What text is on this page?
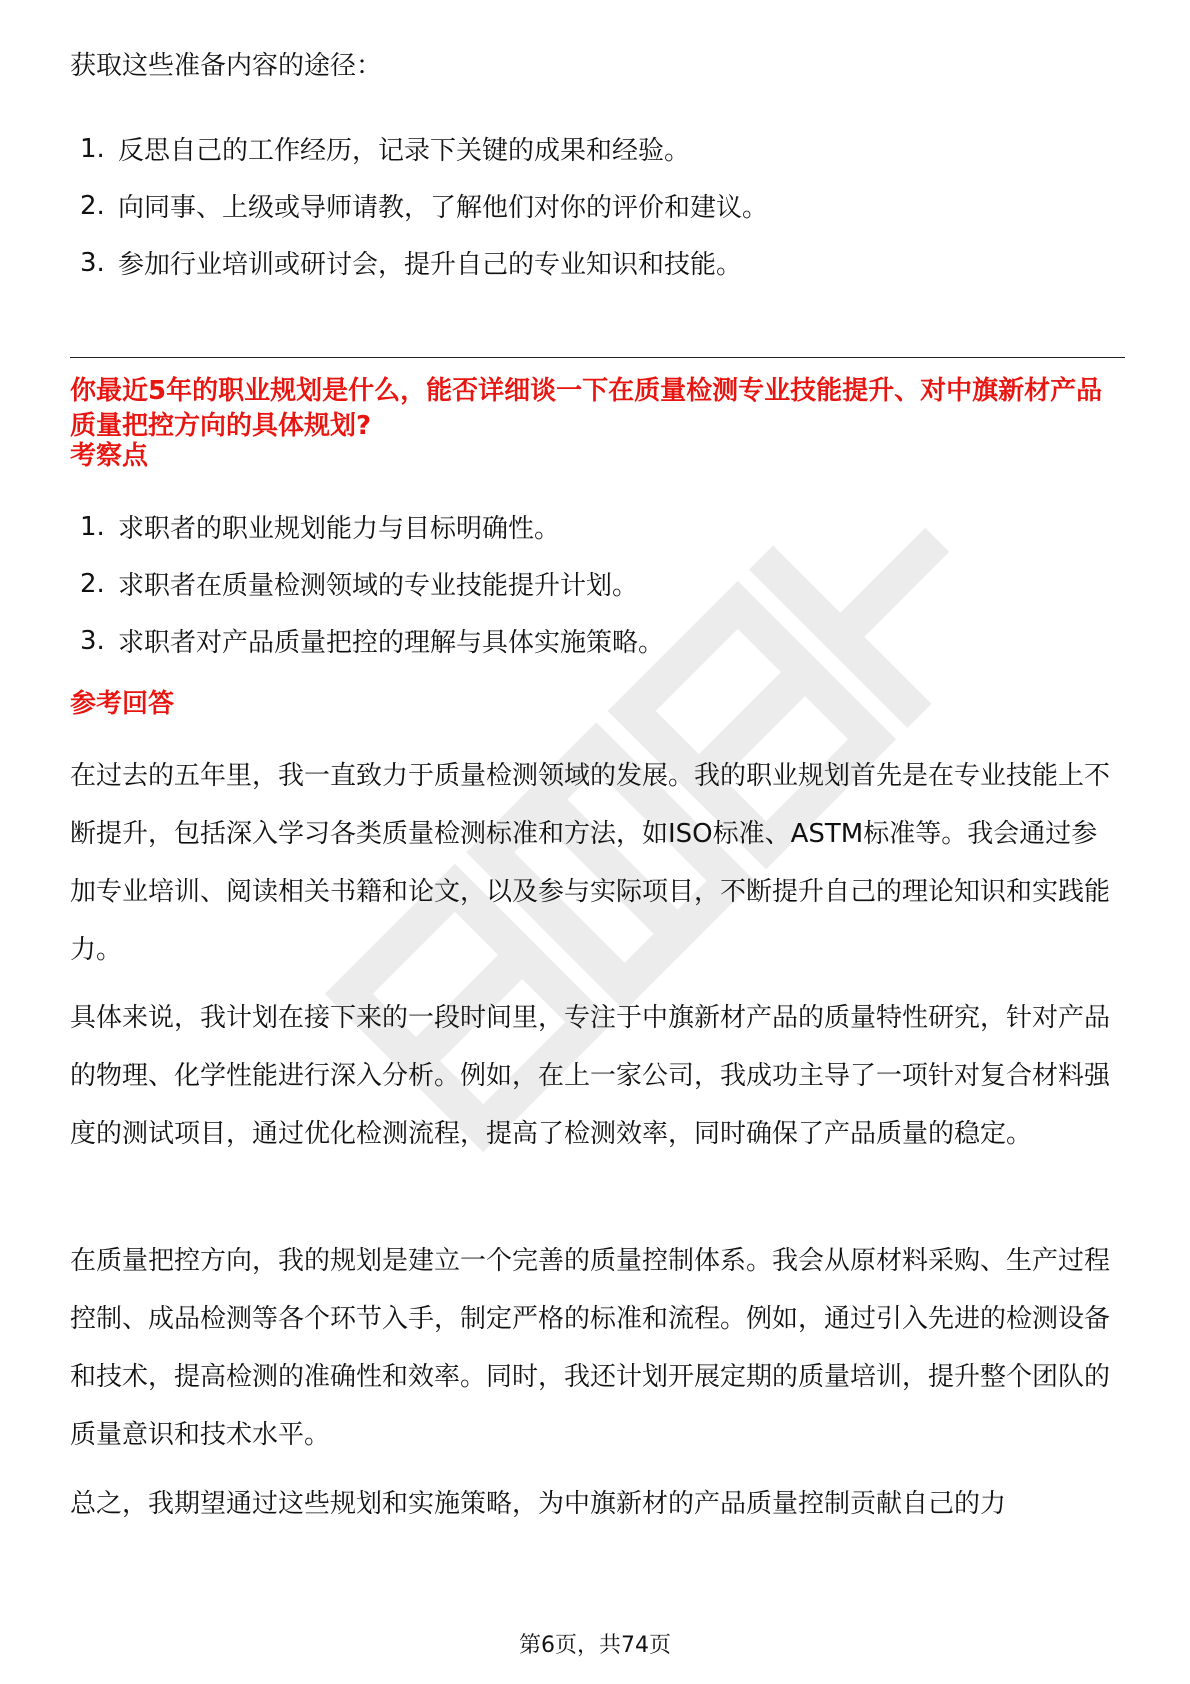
获取这些准备内容的途径：

1. 反思自己的工作经历，记录下关键的成果和经验。
2. 向同事、上级或导师请教，了解他们对你的评价和建议。
3. 参加行业培训或研讨会，提升自己的专业知识和技能。

你最近5年的职业规划是什么，能否详细谈一下在质量检测专业技能提升、对中旗新材产品质量把控方向的具体规划?

考察点

1. 求职者的职业规划能力与目标明确性。
2. 求职者在质量检测领域的专业技能提升计划。
3. 求职者对产品质量把控的理解与具体实施策略。

参考回答

在过去的五年里，我一直致力于质量检测领域的发展。我的职业规划首先是在专业技能上不断提升，包括深入学习各类质量检测标准和方法，如ISO标准、ASTM标准等。我会通过参加专业培训、阅读相关书籍和论文，以及参与实际项目，不断提升自己的理论知识和实践能力。

具体来说，我计划在接下来的一段时间里，专注于中旗新材产品的质量特性研究，针对产品的物理、化学性能进行深入分析。例如，在上一家公司，我成功主导了一项针对复合材料强度的测试项目，通过优化检测流程，提高了检测效率，同时确保了产品质量的稳定。

在质量把控方向，我的规划是建立一个完善的质量控制体系。我会从原材料采购、生产过程控制、成品检测等各个环节入手，制定严格的标准和流程。例如，通过引入先进的检测设备和技术，提高检测的准确性和效率。同时，我还计划开展定期的质量培训，提升整个团队的质量意识和技术水平。

总之，我期望通过这些规划和实施策略，为中旗新材的产品质量控制贡献自己的力

第6页，共74页
